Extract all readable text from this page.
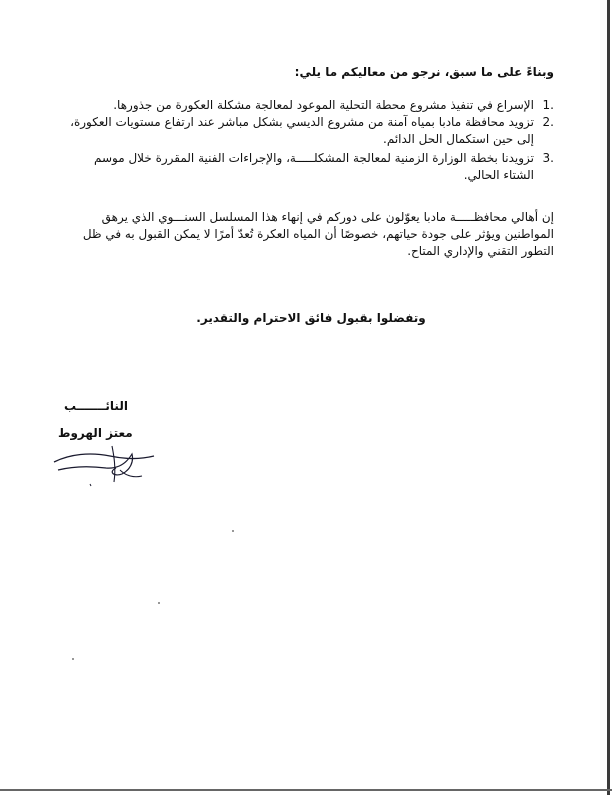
وبناءً على ما سبق، نرجو من معاليكم ما يلي:
.1
الإسراع في تنفيذ مشروع محطة التحلية الموعود لمعالجة مشكلة العكورة من جذورها.
.2
تزويد محافظة مادبا بمياه آمنة من مشروع الديسي بشكل مباشر عند ارتفاع مستويات العكورة، إلى حين استكمال الحل الدائم.
.3
تزويدنا بخطة الوزارة الزمنية لمعالجة المشكلـــــة، والإجراءات الفنية المقررة خلال موسم الشتاء الحالي.

إن أهالي محافظـــــة مادبا يعوّلون على دوركم في إنهاء هذا المسلسل السنـــوي الذي يرهق المواطنين ويؤثر على جودة حياتهم، خصوصًا أن المياه العكرة تُعدّ أمرًا لا يمكن القبول به في ظل التطور التقني والإداري المتاح.

وتفضلوا بقبول فائق الاحترام والتقدير.
النائـــــــب
معتز الهروط
